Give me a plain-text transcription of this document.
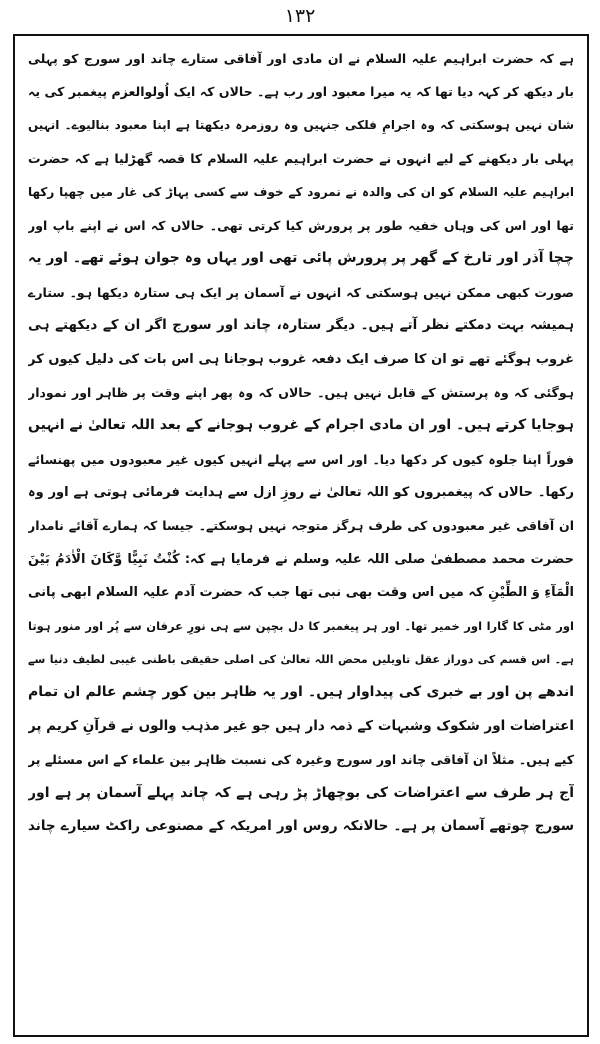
۱۳۲
ہے کہ حضرت ابراہیم علیہ السلام نے ان مادی اور آفاقی ستارے چاند اور سورج کو پہلی
بار دیکھ کر کہہ دیا تھا کہ یہ میرا معبود اور رب ہے۔ حالاں کہ ایک اُولوالعزم پیغمبر کی یہ
شان نہیں ہوسکتی کہ وہ اجرامِ فلکی جنہیں وہ روزمرہ دیکھتا ہے اپنا معبود بنالیوے۔ انہیں
پہلی بار دیکھنے کے لیے انہوں نے حضرت ابراہیم علیہ السلام کا قصہ گھڑلیا ہے کہ حضرت
ابراہیم علیہ السلام کو ان کی والدہ نے نمرود کے خوف سے کسی پہاڑ کی غار میں چھپا رکھا
تھا اور اس کی وہاں خفیہ طور پر پرورش کیا کرتی تھی۔ حالاں کہ اس نے اپنے باپ اور
چچا آذر اور تارخ کے گھر پر پرورش پائی تھی اور یہاں وہ جوان ہوئے تھے۔ اور یہ
صورت کبھی ممکن نہیں ہوسکتی کہ انہوں نے آسمان پر ایک ہی ستارہ دیکھا ہو۔ ستارے
ہمیشہ بہت دمکتے نظر آتے ہیں۔ دیگر ستارہ، چاند اور سورج اگر ان کے دیکھتے ہی
غروب ہوگئے تھے تو ان کا صرف ایک دفعہ غروب ہوجانا ہی اس بات کی دلیل کیوں کر
ہوگئی کہ وہ پرستش کے قابل نہیں ہیں۔ حالاں کہ وہ پھر اپنے وقت پر ظاہر اور نمودار
ہوجایا کرتے ہیں۔ اور ان مادی اجرام کے غروب ہوجانے کے بعد اللہ تعالیٰ نے انہیں
فوراً اپنا جلوہ کیوں کر دکھا دیا۔ اور اس سے پہلے انہیں کیوں غیر معبودوں میں پھنسائے
رکھا۔ حالاں کہ پیغمبروں کو اللہ تعالیٰ نے روزِ ازل سے ہدایت فرمائی ہوتی ہے اور وہ
ان آفاقی غیر معبودوں کی طرف ہرگز متوجہ نہیں ہوسکتے۔ جیسا کہ ہمارے آقائے نامدار
حضرت محمد مصطفیٰ صلی اللہ علیہ وسلم نے فرمایا ہے کہ: کُنْتُ نَبِیًّا وَّکَانَ الْاٰدَمُ بَیْنَ
الْمَآءِ وَ الطِّیْنِ کہ میں اس وقت بھی نبی تھا جب کہ حضرت آدم علیہ السلام ابھی پانی
اور مٹی کا گارا اور خمیر تھا۔ اور ہر پیغمبر کا دل بچپن سے ہی نورِ عرفان سے پُر اور منور ہوتا
ہے۔ اس قسم کی دوراز عقل تاویلیں محض اللہ تعالیٰ کی اصلی حقیقی باطنی غیبی لطیف دنیا سے
اندھے پن اور بے خبری کی پیداوار ہیں۔ اور یہ ظاہر بین کور چشم عالم ان تمام
اعتراضات اور شکوک وشبہات کے ذمہ دار ہیں جو غیر مذہب والوں نے قرآنِ کریم پر
کیے ہیں۔ مثلاً ان آفاقی چاند اور سورج وغیرہ کی نسبت ظاہر بین علماء کے اس مسئلے پر
آج ہر طرف سے اعتراضات کی بوچھاڑ پڑ رہی ہے کہ چاند پہلے آسمان پر ہے اور
سورج چوتھے آسمان پر ہے۔ حالانکہ روس اور امریکہ کے مصنوعی راکٹ سیارے چاند
